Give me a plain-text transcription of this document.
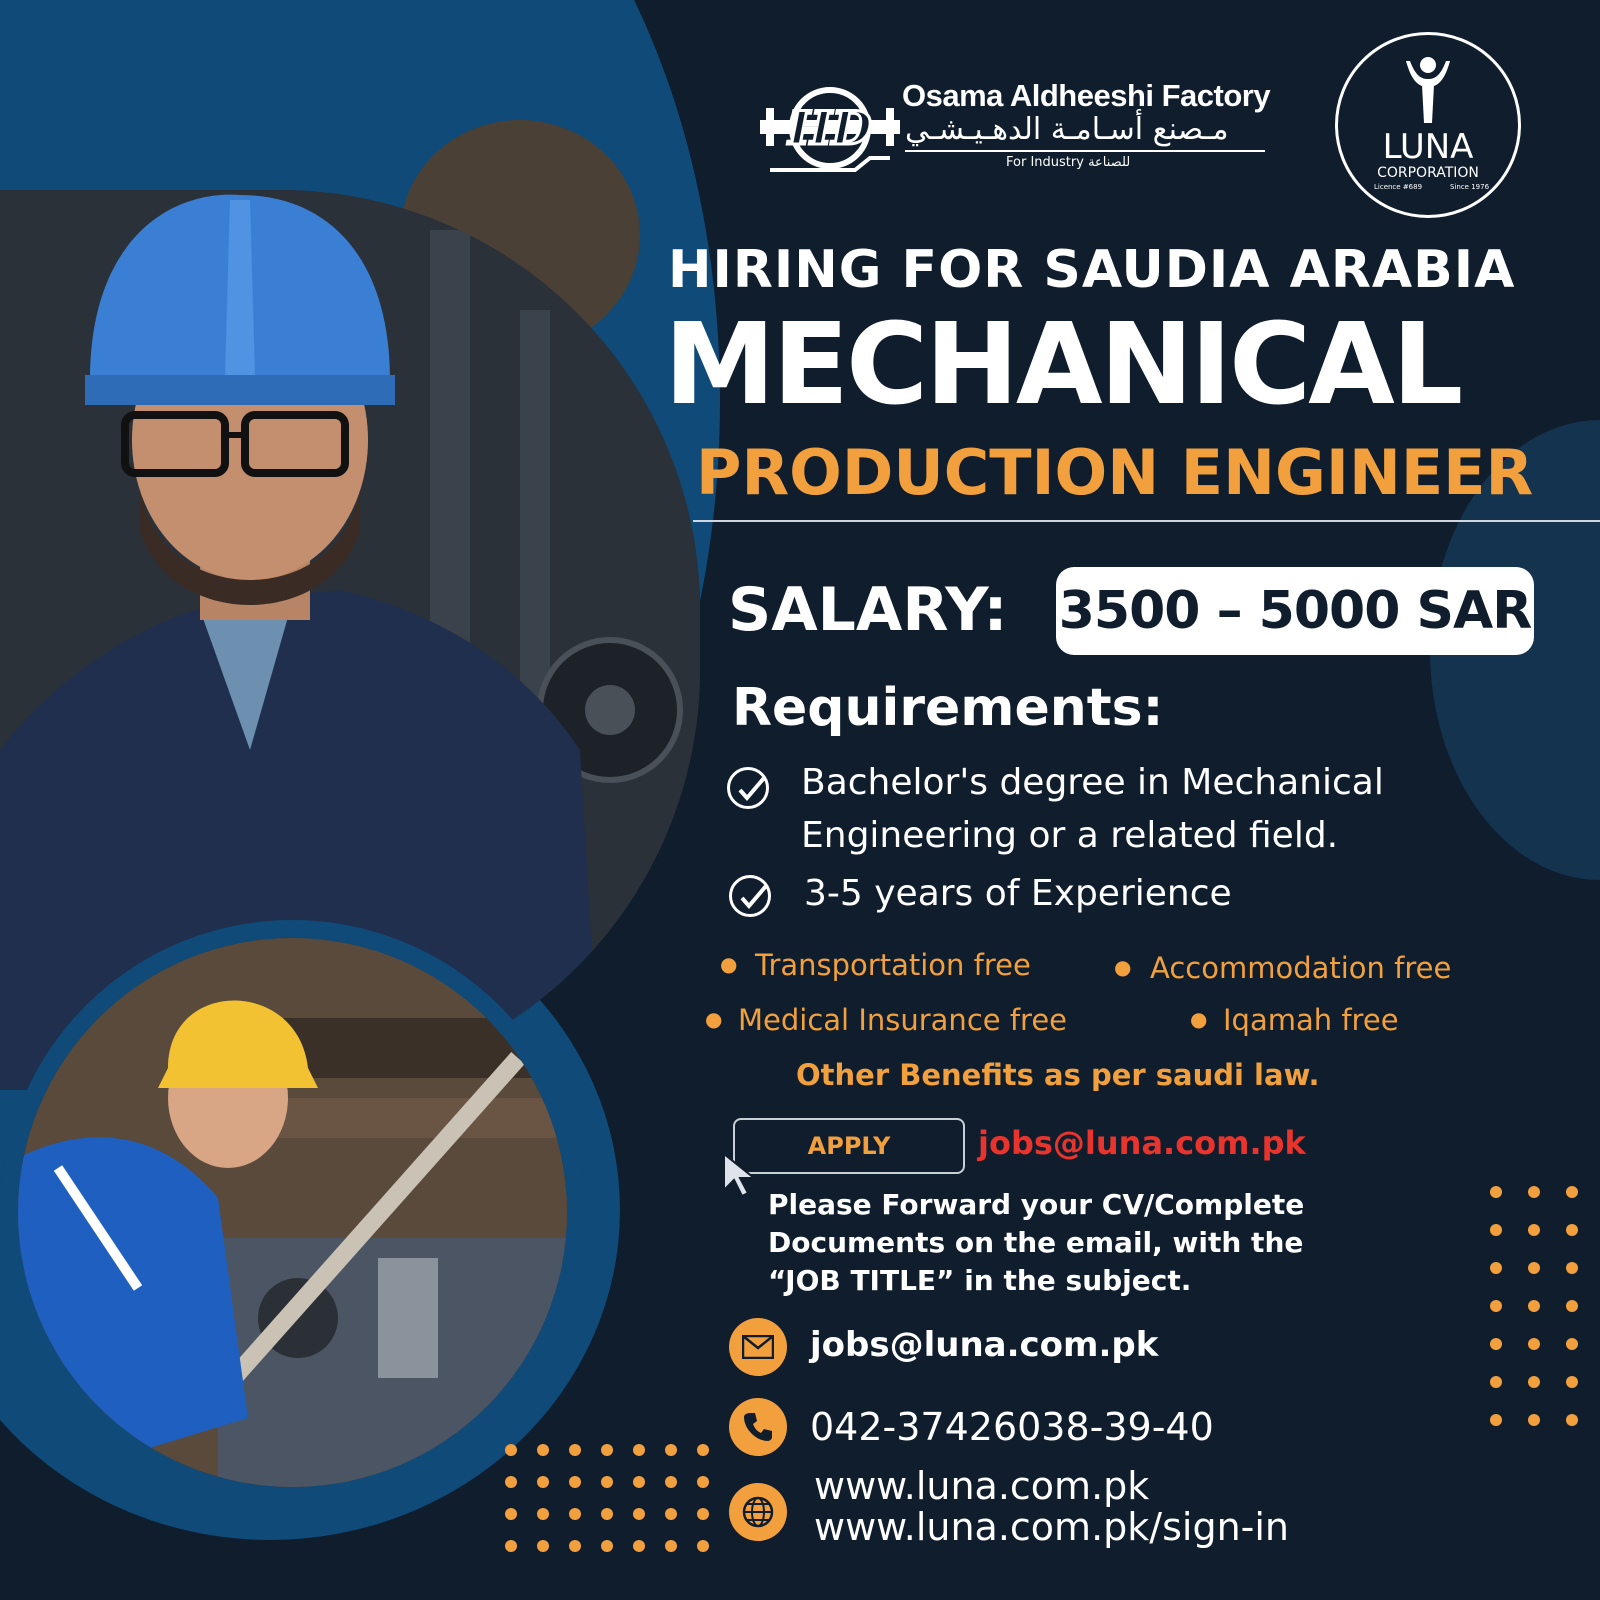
HD
Osama Aldheeshi Factory
مـصنع أسـامـة الدهـيـشـي
For Industry للصناعة	LUNA
CORPORATION
Licence #689	Since 1976
HIRING FOR SAUDIA ARABIA
MECHANICAL
PRODUCTION ENGINEER
SALARY: 3500 – 5000 SAR
Requirements:
Bachelor's degree in Mechanical
Engineering or a related field.
3-5 years of Experience
● Transportation free	● Accommodation free
● Medical Insurance free	● Iqamah free
Other Benefits as per saudi law.
APPLY	jobs@luna.com.pk
Please Forward your CV/Complete Documents on the email, with the “JOB TITLE” in the subject.
jobs@luna.com.pk
042-37426038-39-40
www.luna.com.pk
www.luna.com.pk/sign-in
